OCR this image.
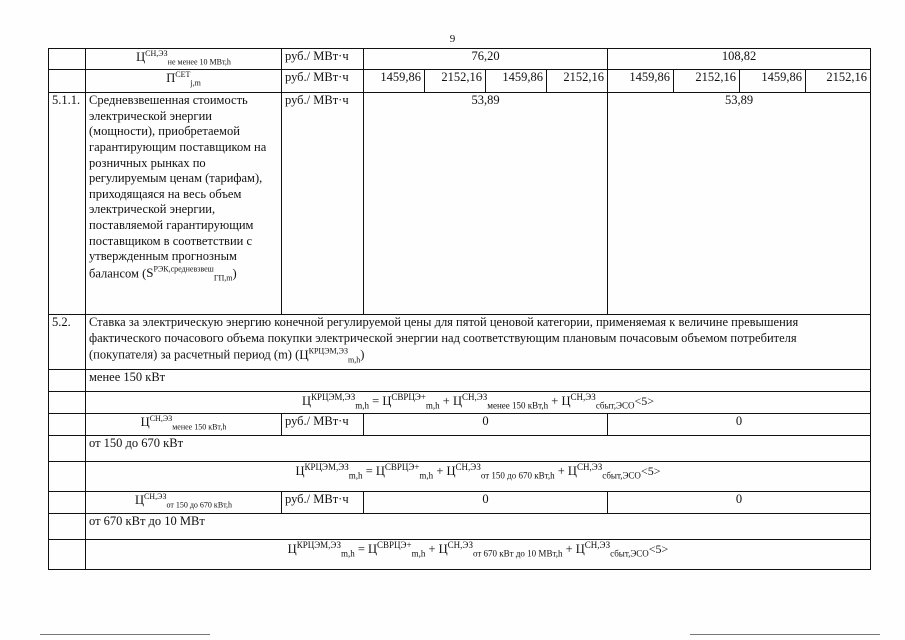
9
	$Ц^{СН,ЭЗ}_{не менее 10 МВт,h}$	руб./ МВт·ч	76,20				108,82			
	$П^{СЕТ}_{j,m}$	руб./ МВт·ч	1459,86	2152,16	1459,86	2152,16	1459,86	2152,16	1459,86	2152,16
5.1.1.	Средневзвешенная стоимость электрической энергии (мощности), приобретаемой гарантирующим поставщиком на розничных рынках по регулируемым ценам (тарифам), приходящаяся на весь объем электрической энергии, поставляемой гарантирующим поставщиком в соответствии с утвержденным прогнозным балансом $(S^{РЭК,средневзвеш}_{ГП,m})$	руб./ МВт·ч	53,89				53,89			
5.2.	Ставка за электрическую энергию конечной регулируемой цены для пятой ценовой категории, применяемая к величине превышения фактического почасового объема покупки электрической энергии над соответствующим плановым почасовым объемом потребителя (покупателя) за расчетный период (m) $(Ц^{КРЦЭМ,ЭЗ}_{m,h})$									
	менее 150 кВт									
	$Ц^{КРЦЭМ,ЭЗ}_{m,h} = Ц^{СВРЦЭ+}_{m,h} + Ц^{СН,ЭЗ}_{менее 150 кВт,h} + Ц^{СН,ЭЗ}_{сбыт,ЭСО}<5>$									
	$Ц^{СН,ЭЗ}_{менее 150 кВт,h}$	руб./ МВт·ч	0				0			
	от 150 до 670 кВт									
	$Ц^{КРЦЭМ,ЭЗ}_{m,h} = Ц^{СВРЦЭ+}_{m,h} + Ц^{СН,ЭЗ}_{от 150 до 670 кВт,h} + Ц^{СН,ЭЗ}_{сбыт,ЭСО}<5>$									
	$Ц^{СН,ЭЗ}_{от 150 до 670 кВт,h}$	руб./ МВт·ч	0				0			
	от 670 кВт до 10 МВт									
	$Ц^{КРЦЭМ,ЭЗ}_{m,h} = Ц^{СВРЦЭ+}_{m,h} + Ц^{СН,ЭЗ}_{от 670 кВт до 10 МВт,h} + Ц^{СН,ЭЗ}_{сбыт,ЭСО}<5>$									
